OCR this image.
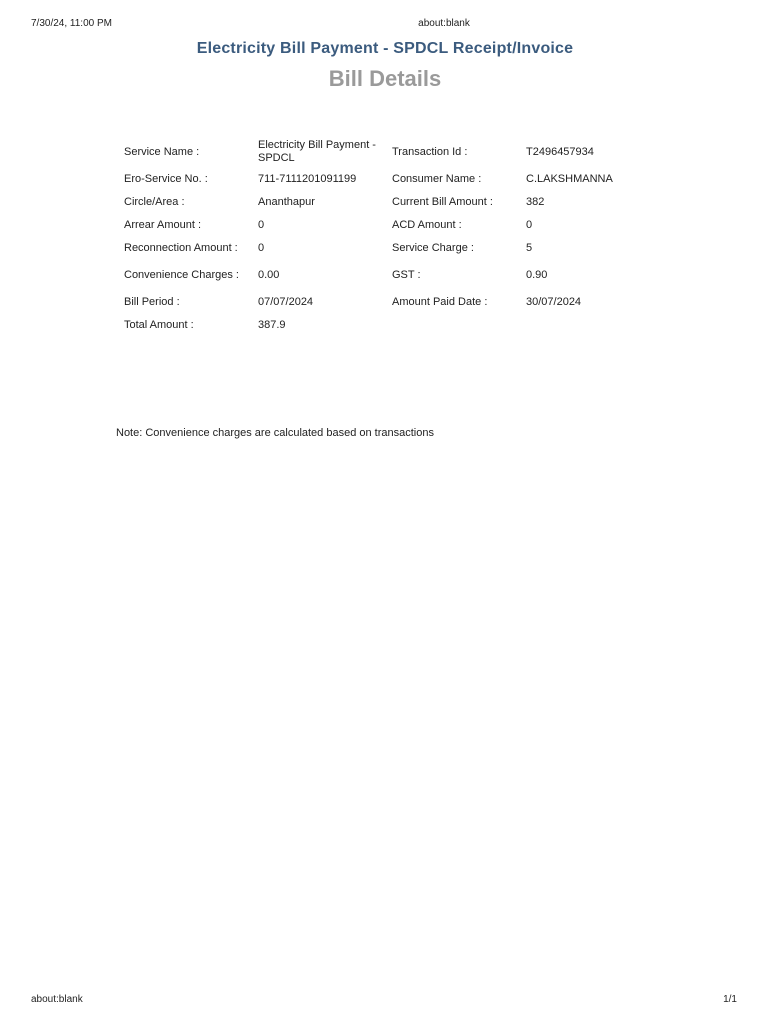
7/30/24, 11:00 PM	about:blank
Electricity Bill Payment - SPDCL Receipt/Invoice
Bill Details
Service Name :	Electricity Bill Payment - SPDCL	Transaction Id :	T2496457934
Ero-Service No. :	711-7111201091199	Consumer Name :	C.LAKSHMANNA
Circle/Area :	Ananthapur	Current Bill Amount :	382
Arrear Amount :	0	ACD Amount :	0
Reconnection Amount :	0	Service Charge :	5
Convenience Charges :	0.00	GST :	0.90
Bill Period :	07/07/2024	Amount Paid Date :	30/07/2024
Total Amount :	387.9		
Note: Convenience charges are calculated based on transactions
about:blank	1/1
